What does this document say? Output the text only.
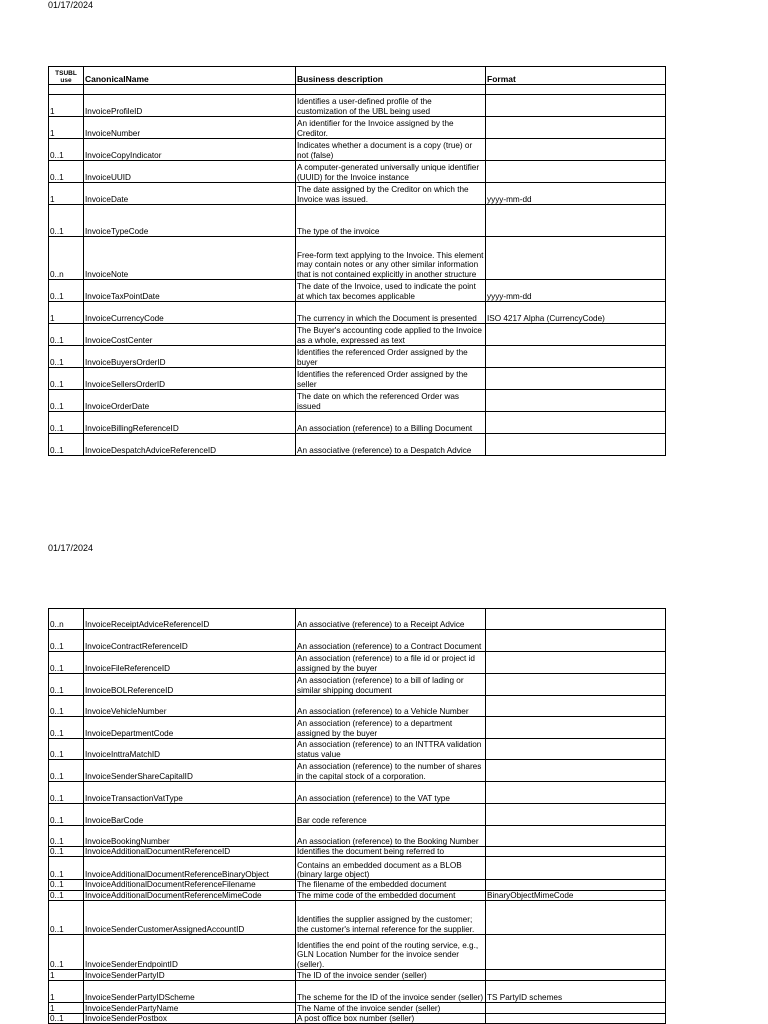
01/17/2024
TSUBL use	CanonicalName	Business description	Format

1	InvoiceProfileID	Identifies a user-defined profile of the customization of the UBL being used	
1	InvoiceNumber	An identifier for the Invoice assigned by the Creditor.	
0..1	InvoiceCopyIndicator	Indicates whether a document is a copy (true) or not (false)	
0..1	InvoiceUUID	A computer-generated universally unique identifier (UUID) for the Invoice instance	
1	InvoiceDate	The date assigned by the Creditor on which the Invoice was issued.	yyyy-mm-dd
0..1	InvoiceTypeCode	The type of the invoice	
0..n	InvoiceNote	Free-form text applying to the Invoice. This element may contain notes or any other similar information that is not contained explicitly in another structure	
0..1	InvoiceTaxPointDate	The date of the Invoice, used to indicate the point at which tax becomes applicable	yyyy-mm-dd
1	InvoiceCurrencyCode	The currency in which the Document is presented	ISO 4217 Alpha (CurrencyCode)
0..1	InvoiceCostCenter	The Buyer's accounting code applied to the Invoice as a whole, expressed as text	
0..1	InvoiceBuyersOrderID	Identifies the referenced Order assigned by the buyer	
0..1	InvoiceSellersOrderID	Identifies the referenced Order assigned by the seller	
0..1	InvoiceOrderDate	The date on which the referenced Order was issued	
0..1	InvoiceBillingReferenceID	An association (reference) to a Billing Document	
0..1	InvoiceDespatchAdviceReferenceID	An associative (reference) to a Despatch Advice	
01/17/2024
0..n	InvoiceReceiptAdviceReferenceID	An associative (reference) to a Receipt Advice	
0..1	InvoiceContractReferenceID	An association (reference) to a Contract Document	
0..1	InvoiceFileReferenceID	An association (reference) to a file id or project id assigned by the buyer	
0..1	InvoiceBOLReferenceID	An association (reference) to a bill of lading or similar shipping document	
0..1	InvoiceVehicleNumber	An association (reference) to a Vehicle Number	
0..1	InvoiceDepartmentCode	An association (reference) to a department assigned by the buyer	
0..1	InvoiceInttraMatchID	An association (reference) to an INTTRA validation status value	
0..1	InvoiceSenderShareCapitalID	An association (reference) to the number of shares in the capital stock of a corporation.	
0..1	InvoiceTransactionVatType	An association (reference) to the VAT type	
0..1	InvoiceBarCode	Bar code reference	
0..1	InvoiceBookingNumber	An association (reference) to the Booking Number	
0..1	InvoiceAdditionalDocumentReferenceID	Identifies the document being referred to	
0..1	InvoiceAdditionalDocumentReferenceBinaryObject	Contains an embedded document as a BLOB (binary large object)	
0..1	InvoiceAdditionalDocumentReferenceFilename	The filename of the embedded document	
0..1	InvoiceAdditionalDocumentReferenceMimeCode	The mime code of the embedded document	BinaryObjectMimeCode
0..1	InvoiceSenderCustomerAssignedAccountID	Identifies the supplier assigned by the customer; the customer's internal reference for the supplier.	
0..1	InvoiceSenderEndpointID	Identifies the end point of the routing service, e.g., GLN Location Number for the invoice sender (seller).	
1	InvoiceSenderPartyID	The ID of the invoice sender (seller)	
1	InvoiceSenderPartyIDScheme	The scheme for the ID of the invoice sender (seller)	TS PartyID schemes
1	InvoiceSenderPartyName	The Name of the invoice sender (seller)	
0..1	InvoiceSenderPostbox	A post office box number (seller)	
